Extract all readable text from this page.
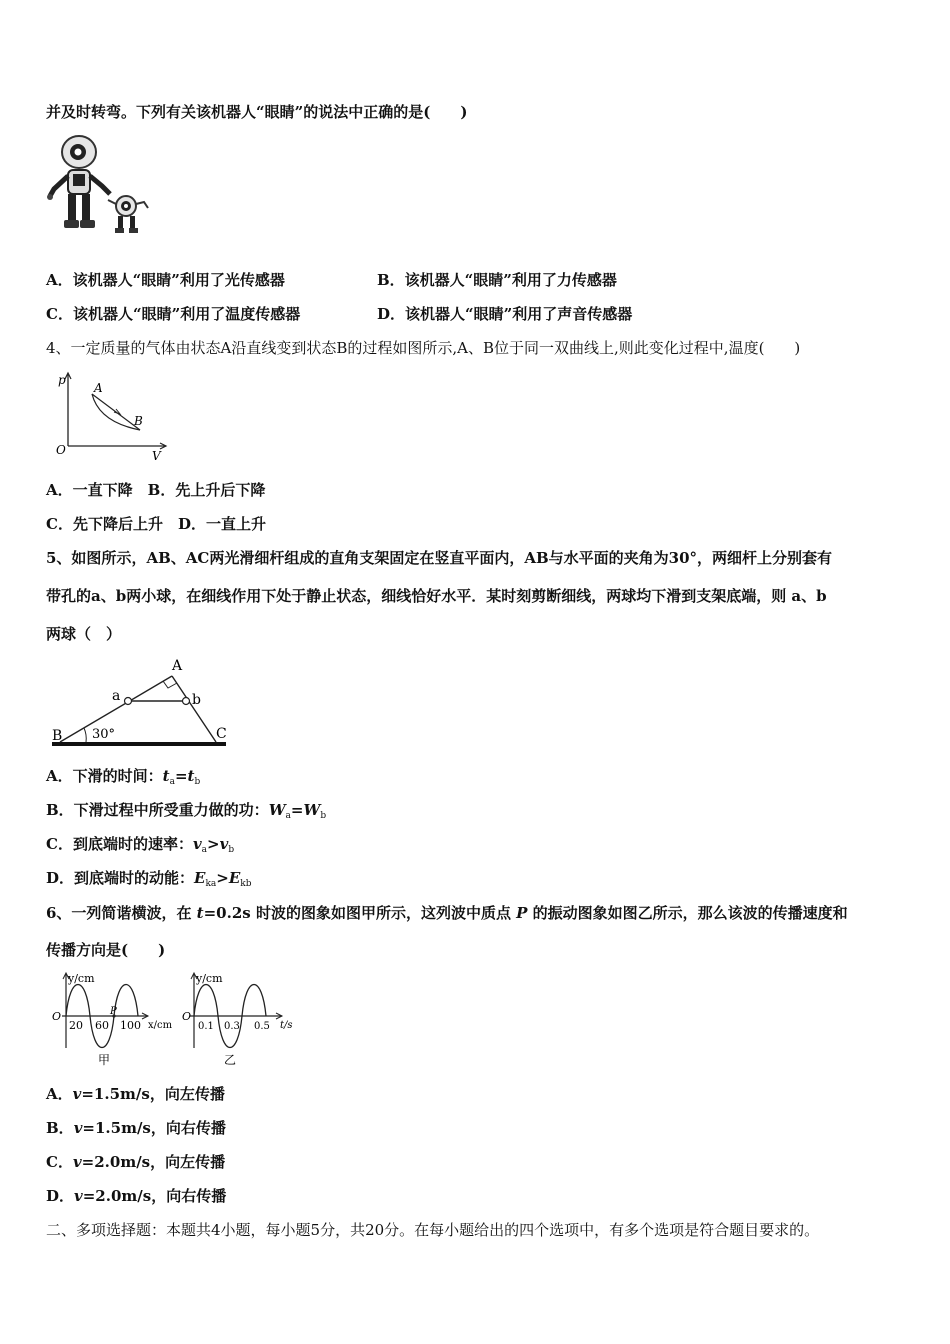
并及时转弯。下列有关该机器人“眼睛”的说法中正确的是(　　)
A．该机器人“眼睛”利用了光传感器	B．该机器人“眼睛”利用了力传感器
C．该机器人“眼睛”利用了温度传感器	D．该机器人“眼睛”利用了声音传感器
4、一定质量的气体由状态A沿直线变到状态B的过程如图所示,A、B位于同一双曲线上,则此变化过程中,温度(　　)
p
V
O
A
B
A．一直下降　B．先上升后下降
C．先下降后上升　D．一直上升
5、如图所示，AB、AC两光滑细杆组成的直角支架固定在竖直平面内，AB与水平面的夹角为30°，两细杆上分别套有
带孔的a、b两小球，在细线作用下处于静止状态，细线恰好水平．某时刻剪断细线，两球均下滑到支架底端，则 a、b
两球（　）
A
B	C
a	b
30°
A．下滑的时间：$t_a=t_b$
B．下滑过程中所受重力做的功：$W_a=W_b$
C．到底端时的速率：$v_a>v_b$
D．到底端时的动能：$E_{ka}>E_{kb}$
6、一列简谐横波，在 t=0.2s 时波的图象如图甲所示，这列波中质点 P 的振动图象如图乙所示，那么该波的传播速度和
传播方向是(　　)
y/cm
x/cm
O
20 60 100
P
甲
y/cm
t/s
O
0.1 0.3 0.5
乙
A．v=1.5m/s，向左传播
B．v=1.5m/s，向右传播
C．v=2.0m/s，向左传播
D．v=2.0m/s，向右传播
二、多项选择题：本题共4小题，每小题5分，共20分。在每小题给出的四个选项中，有多个选项是符合题目要求的。
